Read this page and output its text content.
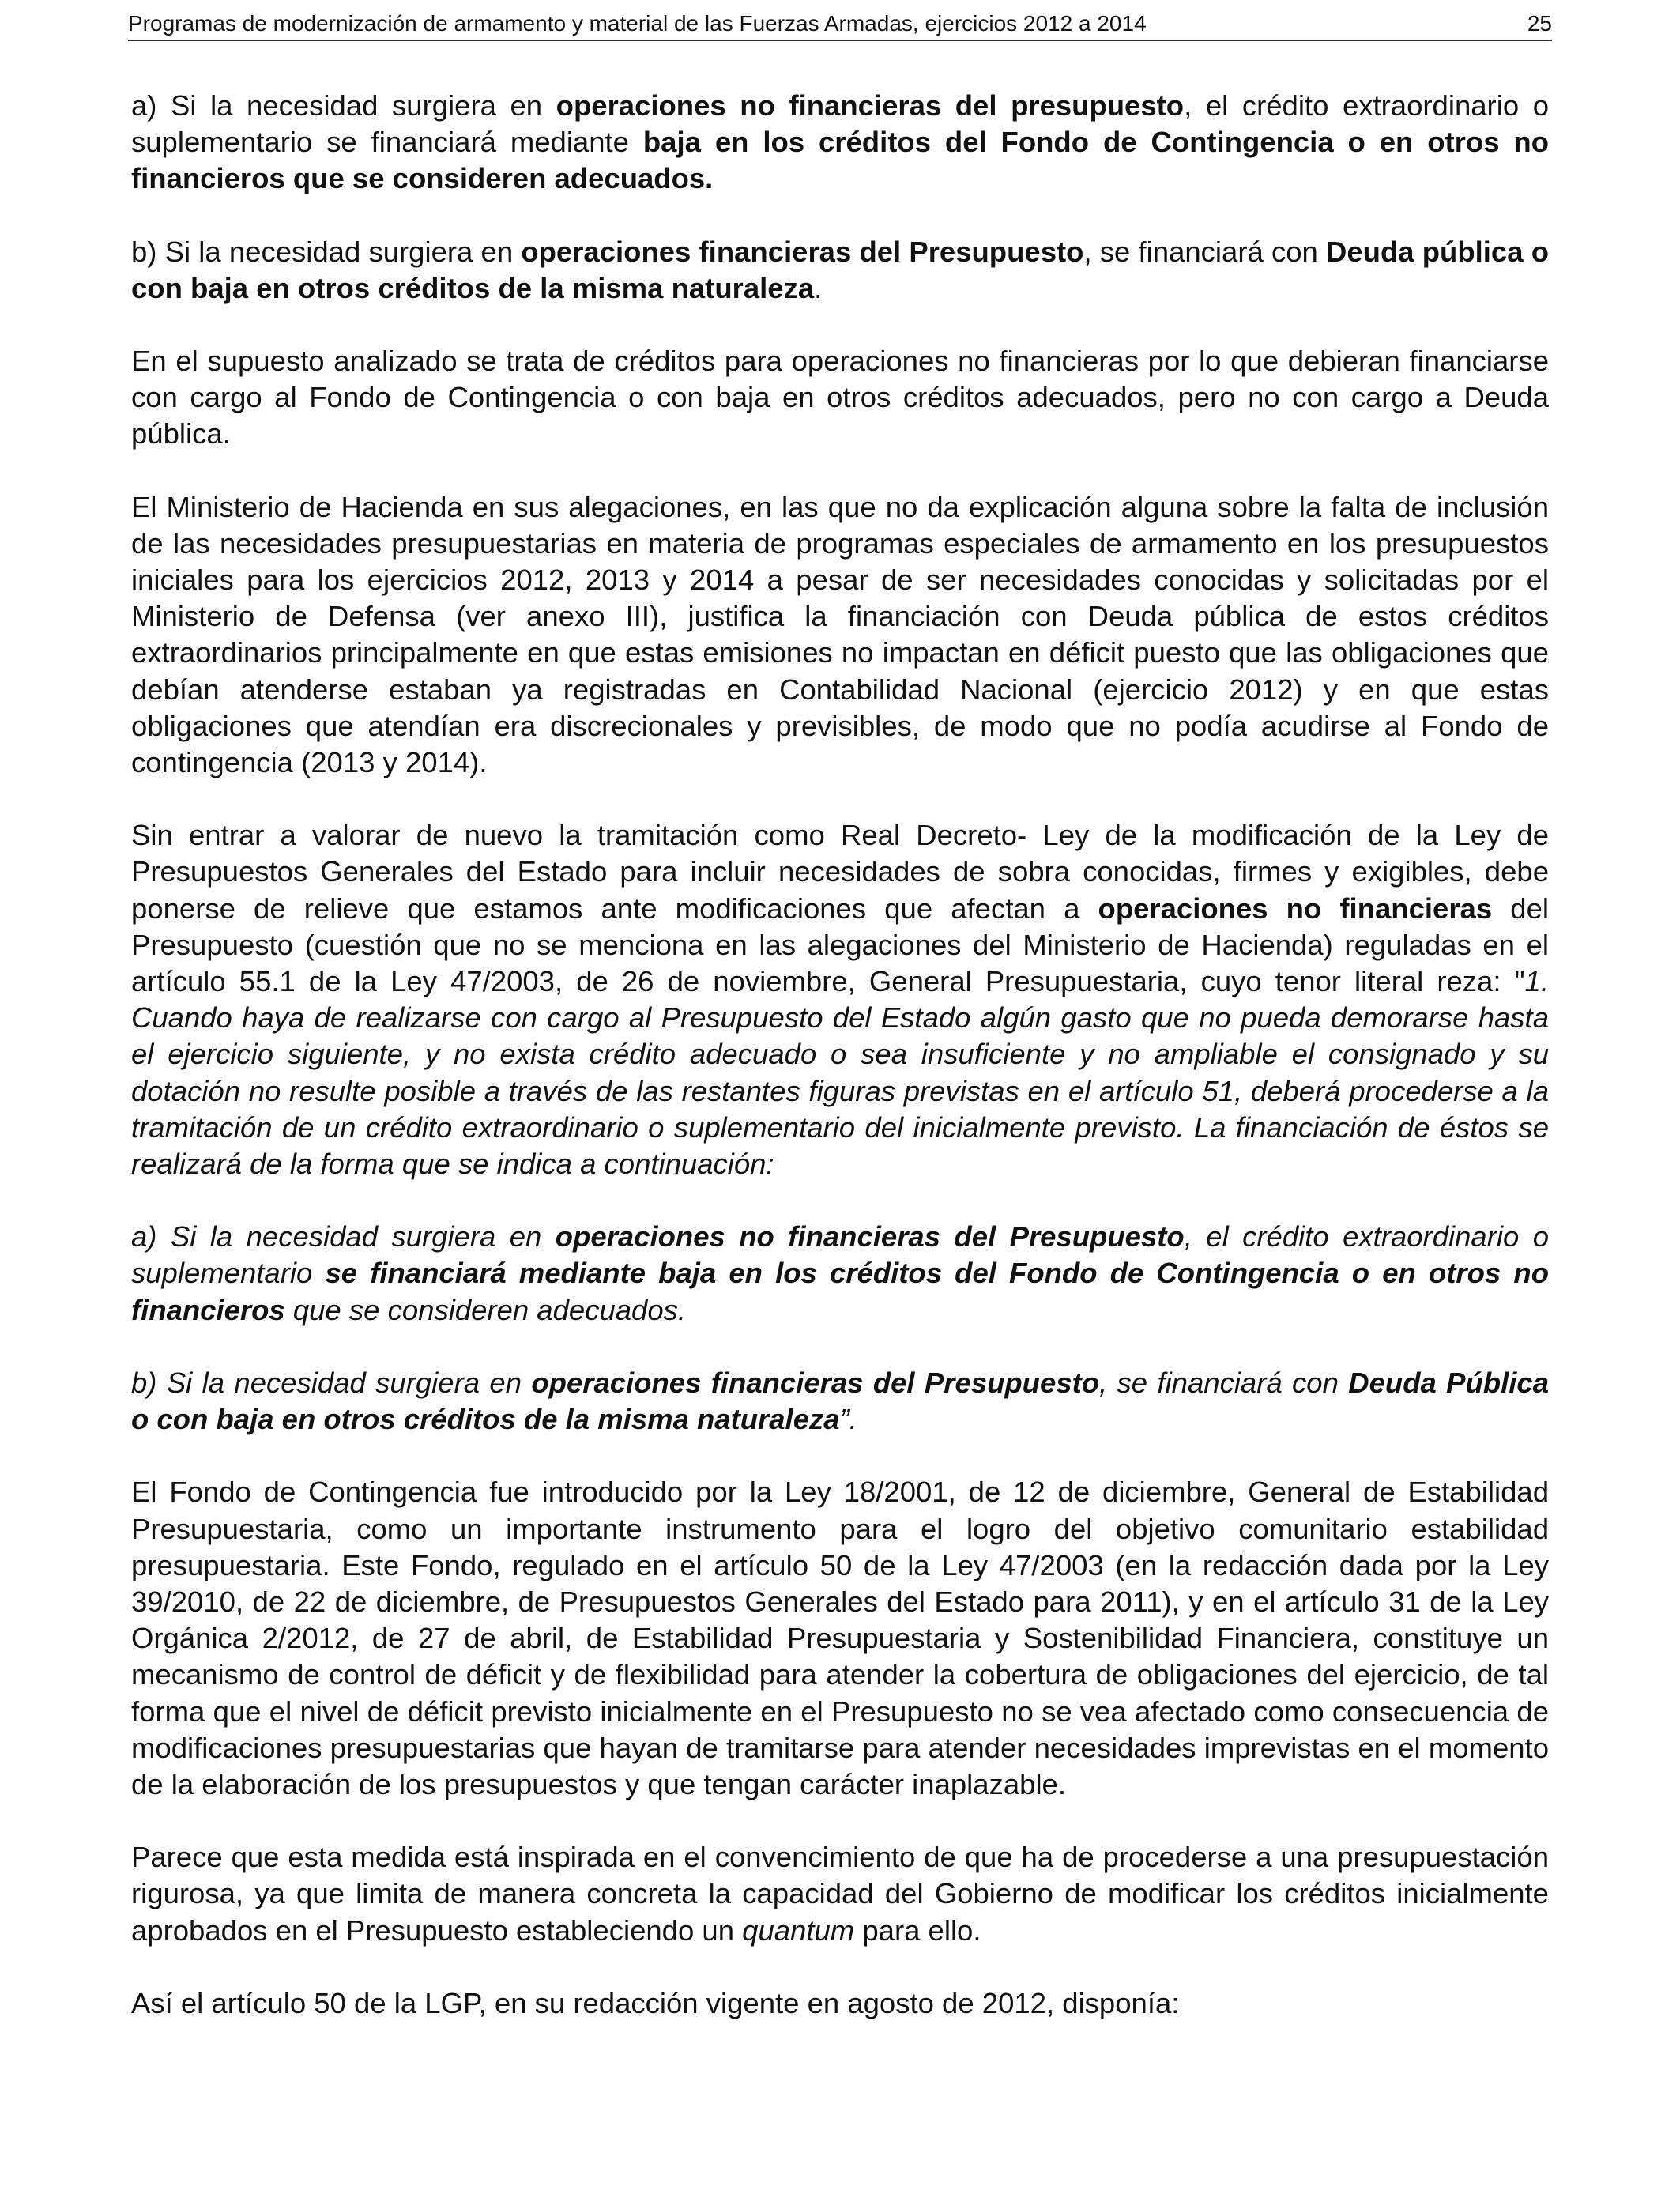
Programas de modernización de armamento y material de las Fuerzas Armadas, ejercicios 2012 a 2014	25

a) Si la necesidad surgiera en operaciones no financieras del presupuesto, el crédito extraordinario o suplementario se financiará mediante baja en los créditos del Fondo de Contingencia o en otros no financieros que se consideren adecuados.

b) Si la necesidad surgiera en operaciones financieras del Presupuesto, se financiará con Deuda pública o con baja en otros créditos de la misma naturaleza.

En el supuesto analizado se trata de créditos para operaciones no financieras por lo que debieran financiarse con cargo al Fondo de Contingencia o con baja en otros créditos adecuados, pero no con cargo a Deuda pública.

El Ministerio de Hacienda en sus alegaciones, en las que no da explicación alguna sobre la falta de inclusión de las necesidades presupuestarias en materia de programas especiales de armamento en los presupuestos iniciales para los ejercicios 2012, 2013 y 2014 a pesar de ser necesidades conocidas y solicitadas por el Ministerio de Defensa (ver anexo III), justifica la financiación con Deuda pública de estos créditos extraordinarios principalmente en que estas emisiones no impactan en déficit puesto que las obligaciones que debían atenderse estaban ya registradas en Contabilidad Nacional (ejercicio 2012) y en que estas obligaciones que atendían era discrecionales y previsibles, de modo que no podía acudirse al Fondo de contingencia (2013 y 2014).

Sin entrar a valorar de nuevo la tramitación como Real Decreto- Ley de la modificación de la Ley de Presupuestos Generales del Estado para incluir necesidades de sobra conocidas, firmes y exigibles, debe ponerse de relieve que estamos ante modificaciones que afectan a operaciones no financieras del Presupuesto (cuestión que no se menciona en las alegaciones del Ministerio de Hacienda) reguladas en el artículo 55.1 de la Ley 47/2003, de 26 de noviembre, General Presupuestaria, cuyo tenor literal reza: "1. Cuando haya de realizarse con cargo al Presupuesto del Estado algún gasto que no pueda demorarse hasta el ejercicio siguiente, y no exista crédito adecuado o sea insuficiente y no ampliable el consignado y su dotación no resulte posible a través de las restantes figuras previstas en el artículo 51, deberá procederse a la tramitación de un crédito extraordinario o suplementario del inicialmente previsto. La financiación de éstos se realizará de la forma que se indica a continuación:

a) Si la necesidad surgiera en operaciones no financieras del Presupuesto, el crédito extraordinario o suplementario se financiará mediante baja en los créditos del Fondo de Contingencia o en otros no financieros que se consideren adecuados.

b) Si la necesidad surgiera en operaciones financieras del Presupuesto, se financiará con Deuda Pública o con baja en otros créditos de la misma naturaleza”.

El Fondo de Contingencia fue introducido por la Ley 18/2001, de 12 de diciembre, General de Estabilidad Presupuestaria, como un importante instrumento para el logro del objetivo comunitario estabilidad presupuestaria. Este Fondo, regulado en el artículo 50 de la Ley 47/2003 (en la redacción dada por la Ley 39/2010, de 22 de diciembre, de Presupuestos Generales del Estado para 2011), y en el artículo 31 de la Ley Orgánica 2/2012, de 27 de abril, de Estabilidad Presupuestaria y Sostenibilidad Financiera, constituye un mecanismo de control de déficit y de flexibilidad para atender la cobertura de obligaciones del ejercicio, de tal forma que el nivel de déficit previsto inicialmente en el Presupuesto no se vea afectado como consecuencia de modificaciones presupuestarias que hayan de tramitarse para atender necesidades imprevistas en el momento de la elaboración de los presupuestos y que tengan carácter inaplazable.

Parece que esta medida está inspirada en el convencimiento de que ha de procederse a una presupuestación rigurosa, ya que limita de manera concreta la capacidad del Gobierno de modificar los créditos inicialmente aprobados en el Presupuesto estableciendo un quantum para ello.

Así el artículo 50 de la LGP, en su redacción vigente en agosto de 2012, disponía:
